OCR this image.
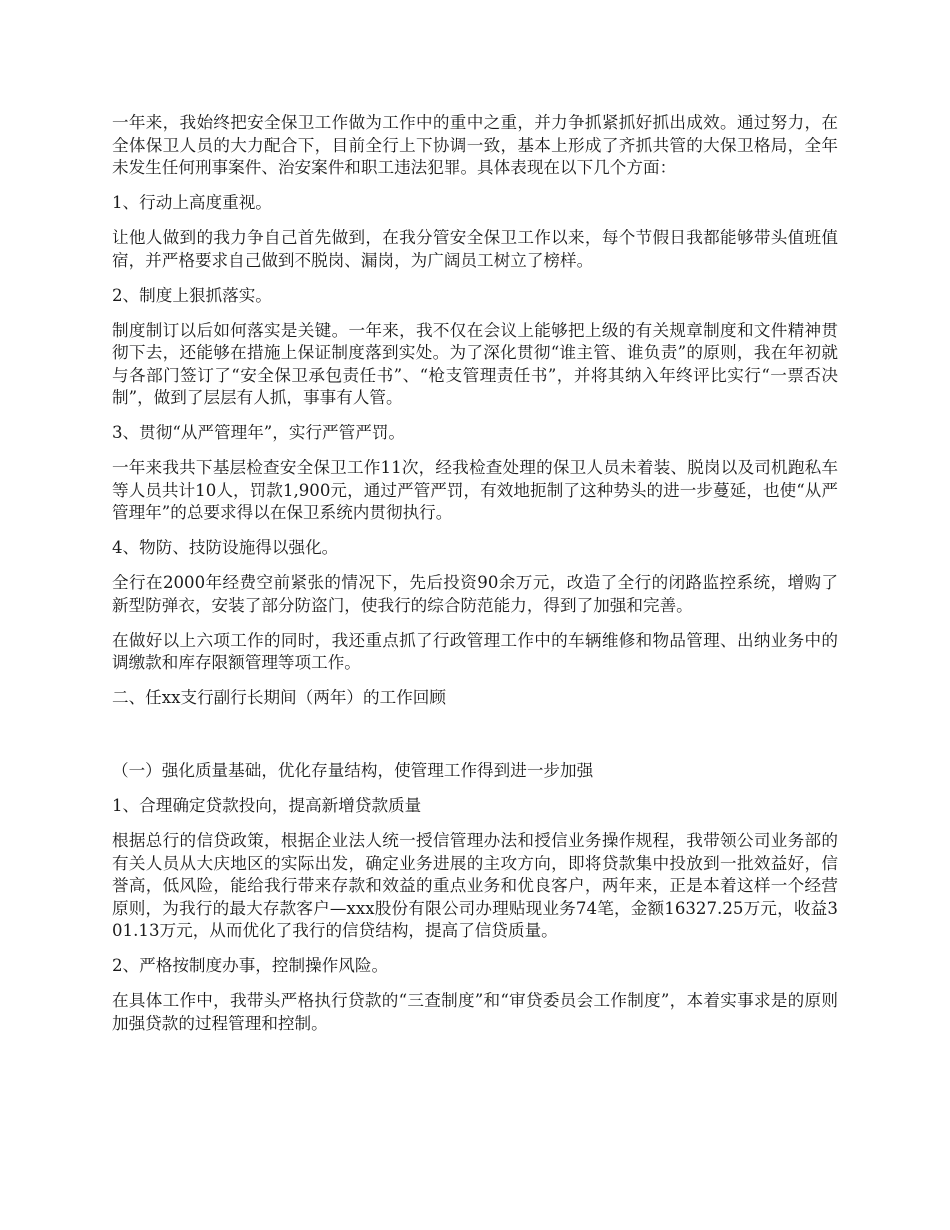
一年来，我始终把安全保卫工作做为工作中的重中之重，并力争抓紧抓好抓出成效。通过努力，在全体保卫人员的大力配合下，目前全行上下协调一致，基本上形成了齐抓共管的大保卫格局，全年未发生任何刑事案件、治安案件和职工违法犯罪。具体表现在以下几个方面：

1、行动上高度重视。

让他人做到的我力争自己首先做到，在我分管安全保卫工作以来，每个节假日我都能够带头值班值宿，并严格要求自己做到不脱岗、漏岗，为广阔员工树立了榜样。

2、制度上狠抓落实。

制度制订以后如何落实是关键。一年来，我不仅在会议上能够把上级的有关规章制度和文件精神贯彻下去，还能够在措施上保证制度落到实处。为了深化贯彻“谁主管、谁负责”的原则，我在年初就与各部门签订了“安全保卫承包责任书”、“枪支管理责任书”，并将其纳入年终评比实行“一票否决制”，做到了层层有人抓，事事有人管。

3、贯彻“从严管理年”，实行严管严罚。

一年来我共下基层检查安全保卫工作11次，经我检查处理的保卫人员未着装、脱岗以及司机跑私车等人员共计10人，罚款1,900元，通过严管严罚，有效地扼制了这种势头的进一步蔓延，也使“从严管理年”的总要求得以在保卫系统内贯彻执行。

4、物防、技防设施得以强化。

全行在2000年经费空前紧张的情况下，先后投资90余万元，改造了全行的闭路监控系统，增购了新型防弹衣，安装了部分防盗门，使我行的综合防范能力，得到了加强和完善。

在做好以上六项工作的同时，我还重点抓了行政管理工作中的车辆维修和物品管理、出纳业务中的调缴款和库存限额管理等项工作。

二、任xx支行副行长期间（两年）的工作回顾

（一）强化质量基础，优化存量结构，使管理工作得到进一步加强

1、合理确定贷款投向，提高新增贷款质量

根据总行的信贷政策，根据企业法人统一授信管理办法和授信业务操作规程，我带领公司业务部的有关人员从大庆地区的实际出发，确定业务进展的主攻方向，即将贷款集中投放到一批效益好，信誉高，低风险，能给我行带来存款和效益的重点业务和优良客户，两年来，正是本着这样一个经营原则，为我行的最大存款客户—xxx股份有限公司办理贴现业务74笔，金额16327.25万元，收益301.13万元，从而优化了我行的信贷结构，提高了信贷质量。

2、严格按制度办事，控制操作风险。

在具体工作中，我带头严格执行贷款的“三查制度”和“审贷委员会工作制度”，本着实事求是的原则加强贷款的过程管理和控制。
